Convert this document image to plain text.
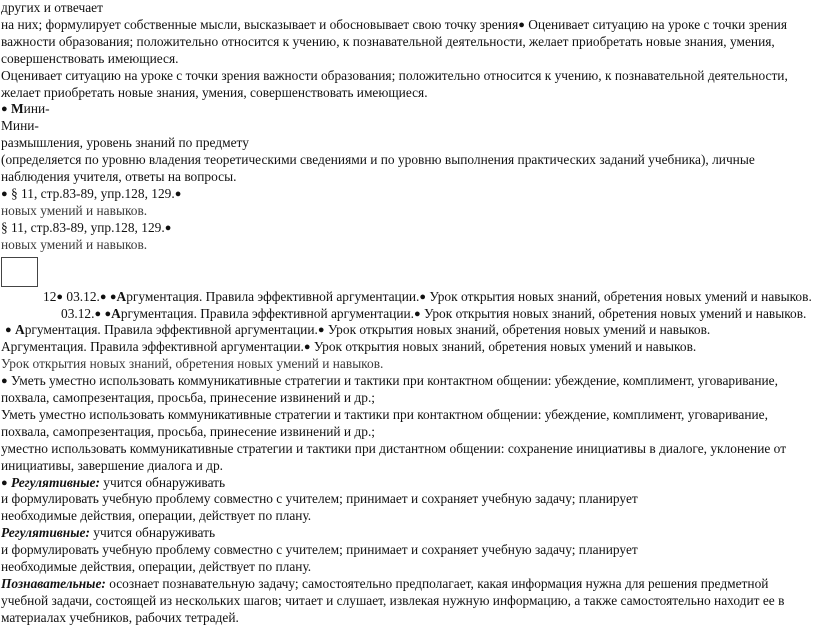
других и отвечает

на них; формулирует собственные мысли, высказывает и обосновывает свою точку зрения● Оценивает ситуацию на уроке с точки зрения важности образования; положительно относится к учению, к познавательной деятельности, желает приобретать новые знания, умения, совершенствовать имеющиеся.

Оценивает ситуацию на уроке с точки зрения важности образования; положительно относится к учению, к познавательной деятельности, желает приобретать новые знания, умения, совершенствовать имеющиеся.

● Мини-

Мини-

размышления, уровень знаний по предмету

(определяется по уровню владения теоретическими сведениями и по уровню выполнения практических заданий учебника), личные наблюдения учителя, ответы на вопросы.

● § 11, стр.83-89, упр.128, 129.●

новых умений и навыков.

§ 11, стр.83-89, упр.128, 129.●

новых умений и навыков.

12● 03.12.● ●Аргументация. Правила эффективной аргументации.● Урок открытия новых знаний, обретения новых умений и навыков.

03.12.● ●Аргументация. Правила эффективной аргументации.● Урок открытия новых знаний, обретения новых умений и навыков.

● Аргументация. Правила эффективной аргументации.● Урок открытия новых знаний, обретения новых умений и навыков.

Аргументация. Правила эффективной аргументации.● Урок открытия новых знаний, обретения новых умений и навыков.

Урок открытия новых знаний, обретения новых умений и навыков.

● Уметь уместно использовать коммуникативные стратегии и тактики при контактном общении: убеждение, комплимент, уговаривание, похвала, самопрезентация, просьба, принесение извинений и др.;

Уметь уместно использовать коммуникативные стратегии и тактики при контактном общении: убеждение, комплимент, уговаривание, похвала, самопрезентация, просьба, принесение извинений и др.;

уместно использовать коммуникативные стратегии и тактики при дистантном общении: сохранение инициативы в диалоге, уклонение от инициативы, завершение диалога и др.

● Регулятивные: учится обнаруживать

и формулировать учебную проблему совместно с учителем; принимает и сохраняет учебную задачу; планирует

необходимые действия, операции, действует по плану.

Регулятивные: учится обнаруживать

и формулировать учебную проблему совместно с учителем; принимает и сохраняет учебную задачу; планирует

необходимые действия, операции, действует по плану.

Познавательные: осознает познавательную задачу; самостоятельно предполагает, какая информация нужна для решения предметной учебной задачи, состоящей из нескольких шагов; читает и слушает, извлекая нужную информацию, а также самостоятельно находит ее в материалах учебников, рабочих тетрадей.
